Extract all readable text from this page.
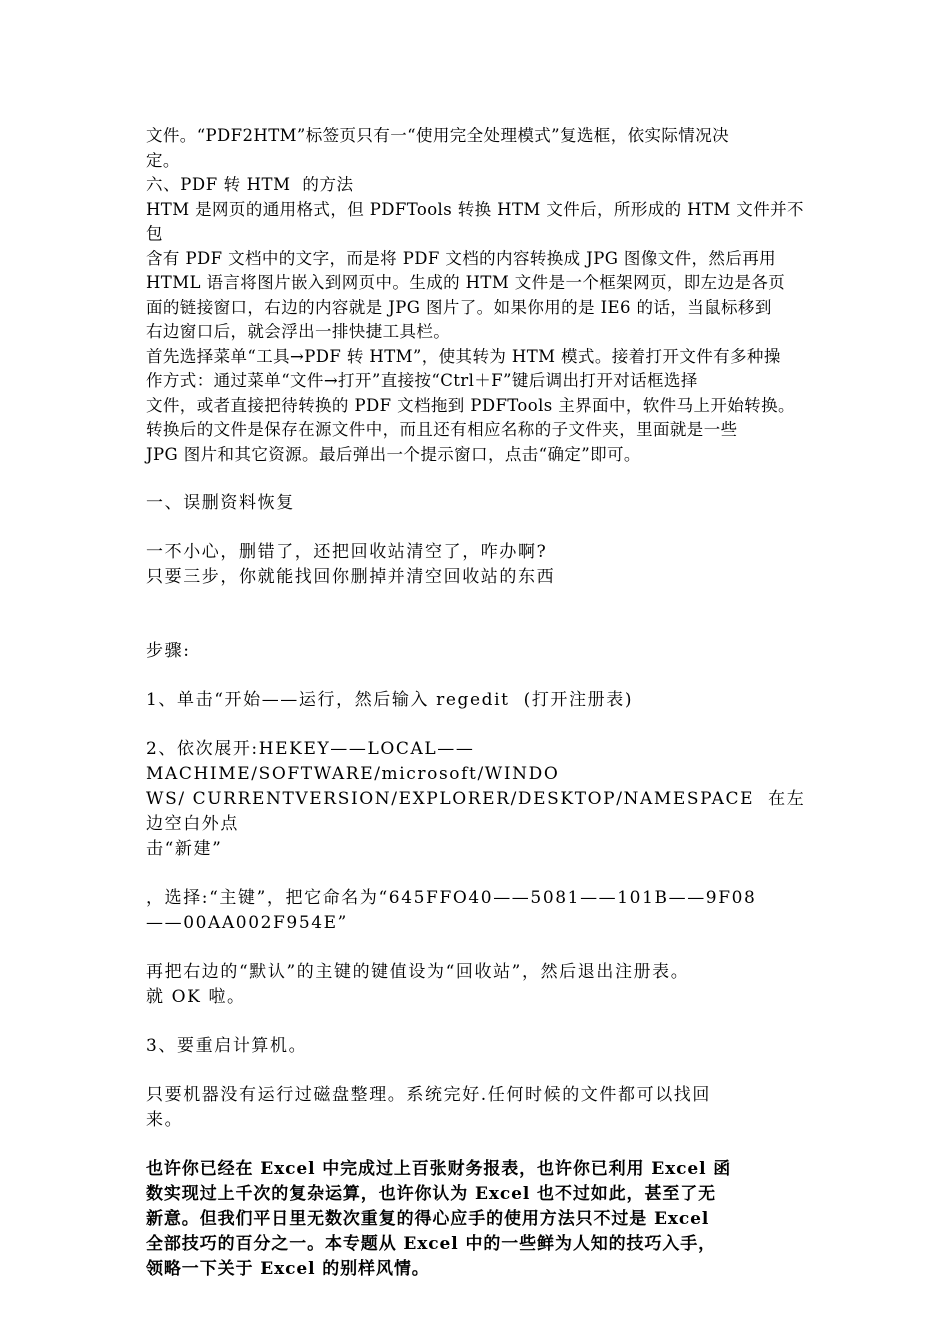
文件。“PDF2HTM”标签页只有一“使用完全处理模式”复选框，依实际情况决
定。
六、PDF 转 HTM  的方法
HTM 是网页的通用格式，但 PDFTools 转换 HTM 文件后，所形成的 HTM 文件并不包
含有 PDF 文档中的文字，而是将 PDF 文档的内容转换成 JPG 图像文件，然后再用
HTML 语言将图片嵌入到网页中。生成的 HTM 文件是一个框架网页，即左边是各页
面的链接窗口，右边的内容就是 JPG 图片了。如果你用的是 IE6 的话，当鼠标移到
右边窗口后，就会浮出一排快捷工具栏。
首先选择菜单“工具→PDF 转 HTM”，使其转为 HTM 模式。接着打开文件有多种操
作方式：通过菜单“文件→打开”直接按“Ctrl＋F”键后调出打开对话框选择
文件，或者直接把待转换的 PDF 文档拖到 PDFTools 主界面中，软件马上开始转换。
转换后的文件是保存在源文件中，而且还有相应名称的子文件夹，里面就是一些
JPG 图片和其它资源。最后弹出一个提示窗口，点击“确定”即可。
一、误删资料恢复
一不小心，删错了，还把回收站清空了，咋办啊?
只要三步，你就能找回你删掉并清空回收站的东西
步骤:
1、单击“开始——运行，然后输入 regedit  (打开注册表)
2、依次展开:HEKEY——LOCAL——MACHIME/SOFTWARE/microsoft/WINDO
WS/ CURRENTVERSION/EXPLORER/DESKTOP/NAMESPACE  在左边空白外点
击“新建”
，选择:“主键”，把它命名为“645FFO40——5081——101B——9F08
——00AA002F954E”
再把右边的“默认”的主键的键值设为“回收站”，然后退出注册表。
就 OK 啦。
3、要重启计算机。
只要机器没有运行过磁盘整理。系统完好.任何时候的文件都可以找回
来。
也许你已经在 Excel 中完成过上百张财务报表，也许你已利用 Excel 函
数实现过上千次的复杂运算，也许你认为 Excel 也不过如此，甚至了无
新意。但我们平日里无数次重复的得心应手的使用方法只不过是 Excel
全部技巧的百分之一。本专题从 Excel 中的一些鲜为人知的技巧入手，
领略一下关于 Excel 的别样风情。
